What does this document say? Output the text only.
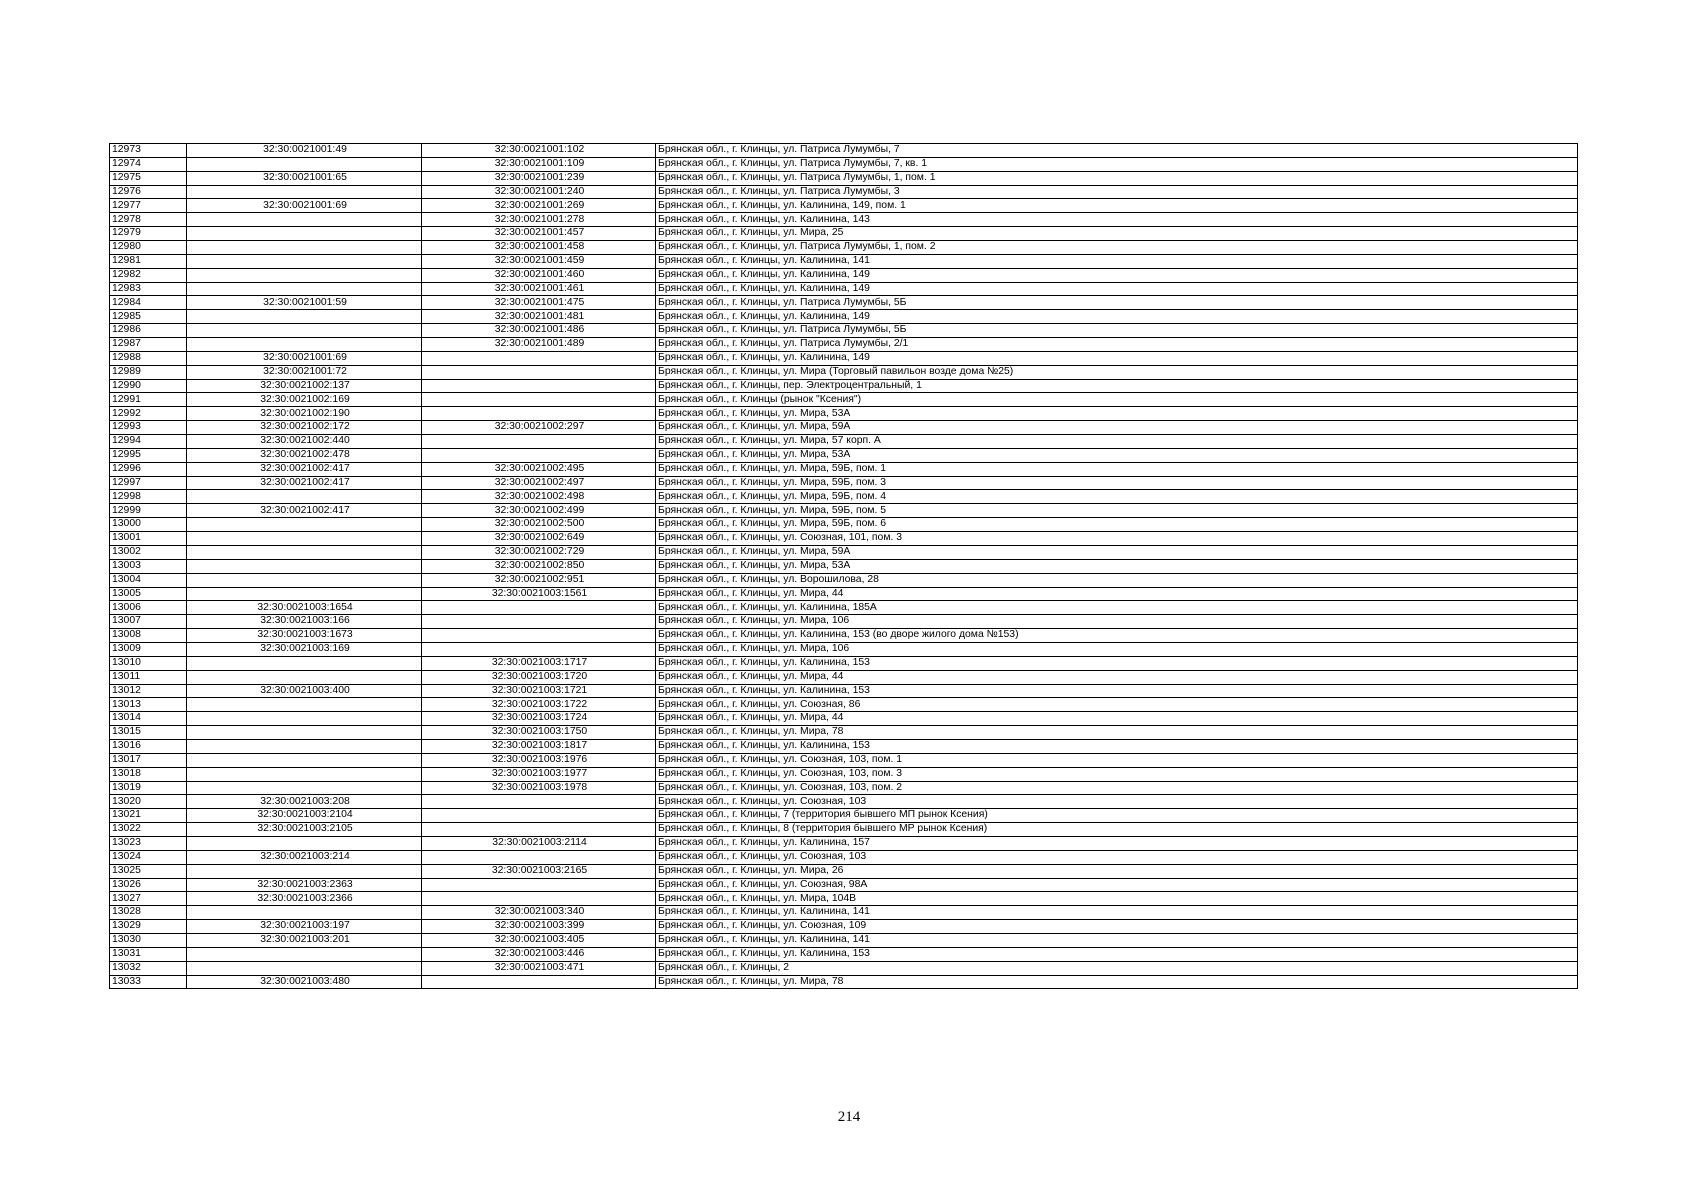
12973	32:30:0021001:49	32:30:0021001:102	Брянская обл., г. Клинцы, ул. Патриса Лумумбы, 7
12974		32:30:0021001:109	Брянская обл., г. Клинцы, ул. Патриса Лумумбы, 7, кв. 1
12975	32:30:0021001:65	32:30:0021001:239	Брянская обл., г. Клинцы, ул. Патриса Лумумбы, 1, пом. 1
12976		32:30:0021001:240	Брянская обл., г. Клинцы, ул. Патриса Лумумбы, 3
12977	32:30:0021001:69	32:30:0021001:269	Брянская обл., г. Клинцы, ул. Калинина, 149, пом. 1
12978		32:30:0021001:278	Брянская обл., г. Клинцы, ул. Калинина, 143
12979		32:30:0021001:457	Брянская обл., г. Клинцы, ул. Мира, 25
12980		32:30:0021001:458	Брянская обл., г. Клинцы, ул. Патриса Лумумбы, 1, пом. 2
12981		32:30:0021001:459	Брянская обл., г. Клинцы, ул. Калинина, 141
12982		32:30:0021001:460	Брянская обл., г. Клинцы, ул. Калинина, 149
12983		32:30:0021001:461	Брянская обл., г. Клинцы, ул. Калинина, 149
12984	32:30:0021001:59	32:30:0021001:475	Брянская обл., г. Клинцы, ул. Патриса Лумумбы, 5Б
12985		32:30:0021001:481	Брянская обл., г. Клинцы, ул. Калинина, 149
12986		32:30:0021001:486	Брянская обл., г. Клинцы, ул. Патриса Лумумбы, 5Б
12987		32:30:0021001:489	Брянская обл., г. Клинцы, ул. Патриса Лумумбы, 2/1
12988	32:30:0021001:69		Брянская обл., г. Клинцы, ул. Калинина, 149
12989	32:30:0021001:72		Брянская обл., г. Клинцы, ул. Мира (Торговый павильон возде дома №25)
12990	32:30:0021002:137		Брянская обл., г. Клинцы, пер. Электроцентральный, 1
12991	32:30:0021002:169		Брянская обл., г. Клинцы (рынок "Ксения")
12992	32:30:0021002:190		Брянская обл., г. Клинцы, ул. Мира, 53А
12993	32:30:0021002:172	32:30:0021002:297	Брянская обл., г. Клинцы, ул. Мира, 59А
12994	32:30:0021002:440		Брянская обл., г. Клинцы, ул. Мира, 57 корп. А
12995	32:30:0021002:478		Брянская обл., г. Клинцы, ул. Мира, 53А
12996	32:30:0021002:417	32:30:0021002:495	Брянская обл., г. Клинцы, ул. Мира, 59Б, пом. 1
12997	32:30:0021002:417	32:30:0021002:497	Брянская обл., г. Клинцы, ул. Мира, 59Б, пом. 3
12998		32:30:0021002:498	Брянская обл., г. Клинцы, ул. Мира, 59Б, пом. 4
12999	32:30:0021002:417	32:30:0021002:499	Брянская обл., г. Клинцы, ул. Мира, 59Б, пом. 5
13000		32:30:0021002:500	Брянская обл., г. Клинцы, ул. Мира, 59Б, пом. 6
13001		32:30:0021002:649	Брянская обл., г. Клинцы, ул. Союзная, 101, пом. 3
13002		32:30:0021002:729	Брянская обл., г. Клинцы, ул. Мира, 59А
13003		32:30:0021002:850	Брянская обл., г. Клинцы, ул. Мира, 53А
13004		32:30:0021002:951	Брянская обл., г. Клинцы, ул. Ворошилова, 28
13005		32:30:0021003:1561	Брянская обл., г. Клинцы, ул. Мира, 44
13006	32:30:0021003:1654		Брянская обл., г. Клинцы, ул. Калинина, 185А
13007	32:30:0021003:166		Брянская обл., г. Клинцы, ул. Мира, 106
13008	32:30:0021003:1673		Брянская обл., г. Клинцы, ул. Калинина, 153 (во дворе жилого дома №153)
13009	32:30:0021003:169		Брянская обл., г. Клинцы, ул. Мира, 106
13010		32:30:0021003:1717	Брянская обл., г. Клинцы, ул. Калинина, 153
13011		32:30:0021003:1720	Брянская обл., г. Клинцы, ул. Мира, 44
13012	32:30:0021003:400	32:30:0021003:1721	Брянская обл., г. Клинцы, ул. Калинина, 153
13013		32:30:0021003:1722	Брянская обл., г. Клинцы, ул. Союзная, 86
13014		32:30:0021003:1724	Брянская обл., г. Клинцы, ул. Мира, 44
13015		32:30:0021003:1750	Брянская обл., г. Клинцы, ул. Мира, 78
13016		32:30:0021003:1817	Брянская обл., г. Клинцы, ул. Калинина, 153
13017		32:30:0021003:1976	Брянская обл., г. Клинцы, ул. Союзная, 103, пом. 1
13018		32:30:0021003:1977	Брянская обл., г. Клинцы, ул. Союзная, 103, пом. 3
13019		32:30:0021003:1978	Брянская обл., г. Клинцы, ул. Союзная, 103, пом. 2
13020	32:30:0021003:208		Брянская обл., г. Клинцы, ул. Союзная, 103
13021	32:30:0021003:2104		Брянская обл., г. Клинцы, 7 (территория бывшего МП рынок Ксения)
13022	32:30:0021003:2105		Брянская обл., г. Клинцы, 8 (территория бывшего МР рынок Ксения)
13023		32:30:0021003:2114	Брянская обл., г. Клинцы, ул. Калинина, 157
13024	32:30:0021003:214		Брянская обл., г. Клинцы, ул. Союзная, 103
13025		32:30:0021003:2165	Брянская обл., г. Клинцы, ул. Мира, 26
13026	32:30:0021003:2363		Брянская обл., г. Клинцы, ул. Союзная, 98А
13027	32:30:0021003:2366		Брянская обл., г. Клинцы, ул. Мира, 104В
13028		32:30:0021003:340	Брянская обл., г. Клинцы, ул. Калинина, 141
13029	32:30:0021003:197	32:30:0021003:399	Брянская обл., г. Клинцы, ул. Союзная, 109
13030	32:30:0021003:201	32:30:0021003:405	Брянская обл., г. Клинцы, ул. Калинина, 141
13031		32:30:0021003:446	Брянская обл., г. Клинцы, ул. Калинина, 153
13032		32:30:0021003:471	Брянская обл., г. Клинцы, 2
13033	32:30:0021003:480		Брянская обл., г. Клинцы, ул. Мира, 78
214
